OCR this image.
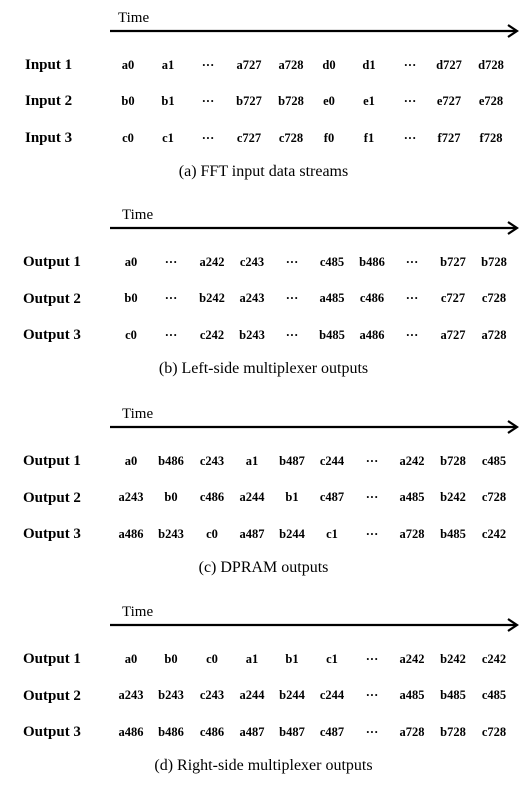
Time
Input 1	a0 a1 ··· a727 a728 d0 d1 ··· d727 d728
Input 2	b0 b1 ··· b727 b728 e0 e1 ··· e727 e728
Input 3	c0 c1 ··· c727 c728 f0 f1 ··· f727 f728
(a) FFT input data streams
Time
Output 1	a0 ··· a242 c243 ··· c485 b486 ··· b727 b728
Output 2	b0 ··· b242 a243 ··· a485 c486 ··· c727 c728
Output 3	c0 ··· c242 b243 ··· b485 a486 ··· a727 a728
(b) Left-side multiplexer outputs
Time
Output 1	a0 b486 c243 a1 b487 c244 ··· a242 b728 c485
Output 2	a243 b0 c486 a244 b1 c487 ··· a485 b242 c728
Output 3	a486 b243 c0 a487 b244 c1 ··· a728 b485 c242
(c) DPRAM outputs
Time
Output 1	a0 b0 c0 a1 b1 c1 ··· a242 b242 c242
Output 2	a243 b243 c243 a244 b244 c244 ··· a485 b485 c485
Output 3	a486 b486 c486 a487 b487 c487 ··· a728 b728 c728
(d) Right-side multiplexer outputs
